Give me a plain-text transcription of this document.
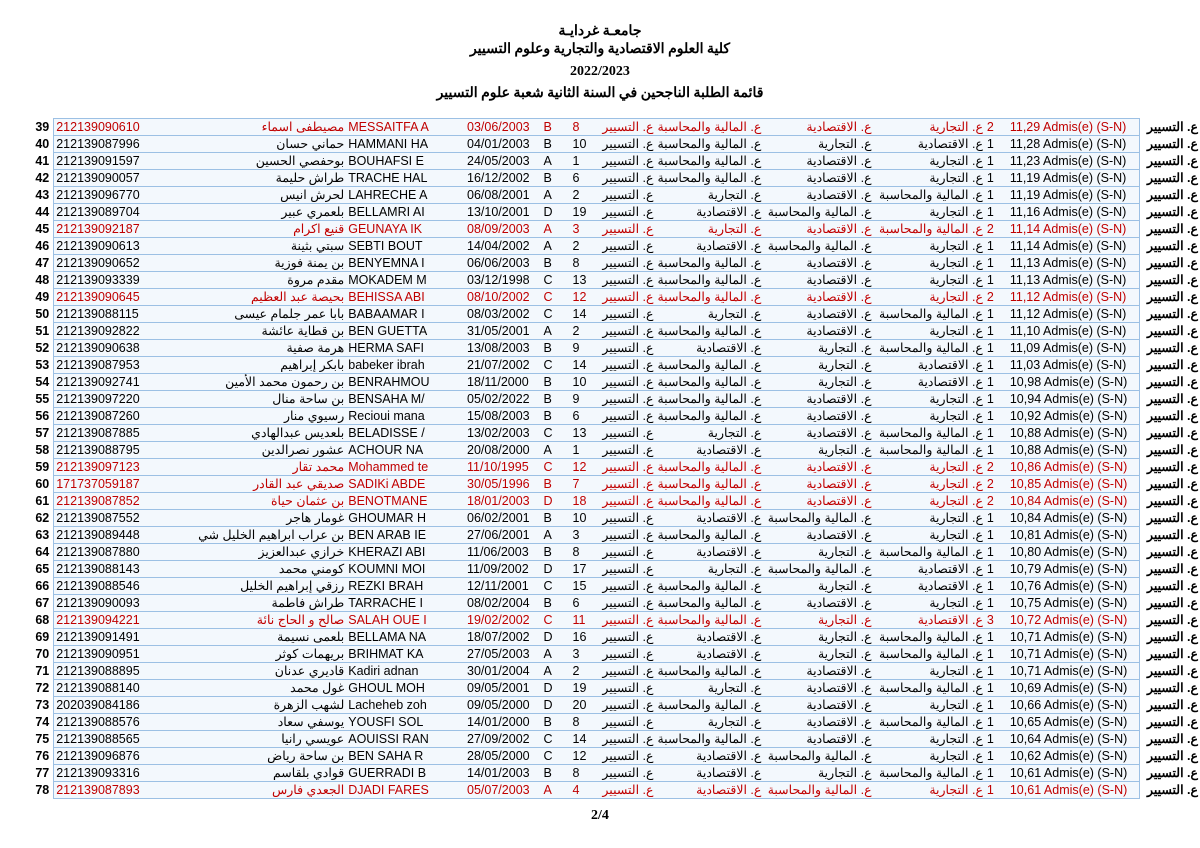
جامعـة غردايـة
كلية العلوم الاقتصادية والتجارية وعلوم التسيير
2022/2023
قائمة الطلبة الناجحين في السنة الثانية شعبة علوم التسيير
39	212139090610	مصيطفى اسماء	MESSAITFA A	03/06/2003	B		8	ع. التسيير	ع. المالية والمحاسبة	ع. الاقتصادية	ع. التجارية	2	11,29 Admis(e) (S-N)	ع. التسيير
40	212139087996	حماني حسان	HAMMANI HA	04/01/2003	B		10	ع. التسيير	ع. المالية والمحاسبة	ع. التجارية	ع. الاقتصادية	1	11,28 Admis(e) (S-N)	ع. التسيير
41	212139091597	بوحفصي الحسين	BOUHAFSI E	24/05/2003	A		1	ع. التسيير	ع. المالية والمحاسبة	ع. الاقتصادية	ع. التجارية	1	11,23 Admis(e) (S-N)	ع. التسيير
42	212139090057	طراش حليمة	TRACHE HAL	16/12/2002	B		6	ع. التسيير	ع. المالية والمحاسبة	ع. الاقتصادية	ع. التجارية	1	11,19 Admis(e) (S-N)	ع. التسيير
43	212139096770	لحرش انيس	LAHRECHE A	06/08/2001	A		2	ع. التسيير	ع. التجارية	ع. الاقتصادية	ع. المالية والمحاسبة	1	11,19 Admis(e) (S-N)	ع. التسيير
44	212139089704	بلعمري عبير	BELLAMRI AI	13/10/2001	D		19	ع. التسيير	ع. الاقتصادية	ع. المالية والمحاسبة	ع. التجارية	1	11,16 Admis(e) (S-N)	ع. التسيير
45	212139092187	قنيع اكرام	GEUNAYA IK	08/09/2003	A		3	ع. التسيير	ع. التجارية	ع. الاقتصادية	ع. المالية والمحاسبة	2	11,14 Admis(e) (S-N)	ع. التسيير
46	212139090613	سبتي بثينة	SEBTI BOUT	14/04/2002	A		2	ع. التسيير	ع. الاقتصادية	ع. المالية والمحاسبة	ع. التجارية	1	11,14 Admis(e) (S-N)	ع. التسيير
47	212139090652	بن يمنة فوزية	BENYEMNA I	06/06/2003	B		8	ع. التسيير	ع. المالية والمحاسبة	ع. الاقتصادية	ع. التجارية	1	11,13 Admis(e) (S-N)	ع. التسيير
48	212139093339	مقدم مروة	MOKADEM M	03/12/1998	C		13	ع. التسيير	ع. المالية والمحاسبة	ع. الاقتصادية	ع. التجارية	1	11,13 Admis(e) (S-N)	ع. التسيير
49	212139090645	بحيصة عبد العظيم	BEHISSA ABI	08/10/2002	C		12	ع. التسيير	ع. المالية والمحاسبة	ع. الاقتصادية	ع. التجارية	2	11,12 Admis(e) (S-N)	ع. التسيير
50	212139088115	بابا عمر جلمام عيسى	BABAAMAR I	08/03/2002	C		14	ع. التسيير	ع. التجارية	ع. الاقتصادية	ع. المالية والمحاسبة	1	11,12 Admis(e) (S-N)	ع. التسيير
51	212139092822	بن قطاية عائشة	BEN GUETTA	31/05/2001	A		2	ع. التسيير	ع. المالية والمحاسبة	ع. الاقتصادية	ع. التجارية	1	11,10 Admis(e) (S-N)	ع. التسيير
52	212139090638	هرمة صفية	HERMA SAFI	13/08/2003	B		9	ع. التسيير	ع. الاقتصادية	ع. التجارية	ع. المالية والمحاسبة	1	11,09 Admis(e) (S-N)	ع. التسيير
53	212139087953	بابكر إبراهيم	babeker ibrah	21/07/2002	C		14	ع. التسيير	ع. المالية والمحاسبة	ع. التجارية	ع. الاقتصادية	1	11,03 Admis(e) (S-N)	ع. التسيير
54	212139092741	بن رحمون محمد الأمين	BENRAHMOU	18/11/2000	B		10	ع. التسيير	ع. المالية والمحاسبة	ع. التجارية	ع. الاقتصادية	1	10,98 Admis(e) (S-N)	ع. التسيير
55	212139097220	بن ساحة منال	BENSAHA M/	05/02/2022	B		9	ع. التسيير	ع. المالية والمحاسبة	ع. الاقتصادية	ع. التجارية	1	10,94 Admis(e) (S-N)	ع. التسيير
56	212139087260	رسيوي منار	Recioui mana	15/08/2003	B		6	ع. التسيير	ع. المالية والمحاسبة	ع. الاقتصادية	ع. التجارية	1	10,92 Admis(e) (S-N)	ع. التسيير
57	212139087885	بلعديس عبدالهادي	BELADISSE /	13/02/2003	C		13	ع. التسيير	ع. التجارية	ع. الاقتصادية	ع. المالية والمحاسبة	1	10,88 Admis(e) (S-N)	ع. التسيير
58	212139088795	عشور نصرالدين	ACHOUR NA	20/08/2000	A		1	ع. التسيير	ع. الاقتصادية	ع. التجارية	ع. المالية والمحاسبة	1	10,88 Admis(e) (S-N)	ع. التسيير
59	212139097123	محمد تقار	Mohammed te	11/10/1995	C		12	ع. التسيير	ع. المالية والمحاسبة	ع. الاقتصادية	ع. التجارية	2	10,86 Admis(e) (S-N)	ع. التسيير
60	171737059187	صديقي عبد القادر	SADIKi ABDE	30/05/1996	B		7	ع. التسيير	ع. المالية والمحاسبة	ع. الاقتصادية	ع. التجارية	2	10,85 Admis(e) (S-N)	ع. التسيير
61	212139087852	بن عثمان حياة	BENOTMANE	18/01/2003	D		18	ع. التسيير	ع. المالية والمحاسبة	ع. الاقتصادية	ع. التجارية	2	10,84 Admis(e) (S-N)	ع. التسيير
62	212139087552	غومار هاجر	GHOUMAR H	06/02/2001	B		10	ع. التسيير	ع. الاقتصادية	ع. المالية والمحاسبة	ع. التجارية	1	10,84 Admis(e) (S-N)	ع. التسيير
63	212139089448	بن عراب ابراهيم الخليل شي	BEN ARAB IE	27/06/2001	A		3	ع. التسيير	ع. المالية والمحاسبة	ع. الاقتصادية	ع. التجارية	1	10,81 Admis(e) (S-N)	ع. التسيير
64	212139087880	خرازي عبدالعزيز	KHERAZI ABI	11/06/2003	B		8	ع. التسيير	ع. الاقتصادية	ع. التجارية	ع. المالية والمحاسبة	1	10,80 Admis(e) (S-N)	ع. التسيير
65	212139088143	كومني محمد	KOUMNI MOI	11/09/2002	D		17	ع. التسيير	ع. التجارية	ع. المالية والمحاسبة	ع. الاقتصادية	1	10,79 Admis(e) (S-N)	ع. التسيير
66	212139088546	رزقي إبراهيم الخليل	REZKI BRAH	12/11/2001	C		15	ع. التسيير	ع. المالية والمحاسبة	ع. التجارية	ع. الاقتصادية	1	10,76 Admis(e) (S-N)	ع. التسيير
67	212139090093	طراش فاطمة	TARRACHE I	08/02/2004	B		6	ع. التسيير	ع. المالية والمحاسبة	ع. الاقتصادية	ع. التجارية	1	10,75 Admis(e) (S-N)	ع. التسيير
68	212139094221	صالح و الحاج نائة	SALAH OUE I	19/02/2002	C		11	ع. التسيير	ع. المالية والمحاسبة	ع. التجارية	ع. الاقتصادية	3	10,72 Admis(e) (S-N)	ع. التسيير
69	212139091491	بلعمى نسيمة	BELLAMA NA	18/07/2002	D		16	ع. التسيير	ع. الاقتصادية	ع. التجارية	ع. المالية والمحاسبة	1	10,71 Admis(e) (S-N)	ع. التسيير
70	212139090951	بريهمات كوثر	BRIHMAT KA	27/05/2003	A		3	ع. التسيير	ع. الاقتصادية	ع. التجارية	ع. المالية والمحاسبة	1	10,71 Admis(e) (S-N)	ع. التسيير
71	212139088895	قاديري عدنان	Kadiri adnan	30/01/2004	A		2	ع. التسيير	ع. المالية والمحاسبة	ع. الاقتصادية	ع. التجارية	1	10,71 Admis(e) (S-N)	ع. التسيير
72	212139088140	غول محمد	GHOUL MOH	09/05/2001	D		19	ع. التسيير	ع. التجارية	ع. الاقتصادية	ع. المالية والمحاسبة	1	10,69 Admis(e) (S-N)	ع. التسيير
73	202039084186	لشهب الزهرة	Lacheheb zoh	09/05/2000	D		20	ع. التسيير	ع. المالية والمحاسبة	ع. الاقتصادية	ع. التجارية	1	10,66 Admis(e) (S-N)	ع. التسيير
74	212139088576	يوسفي سعاد	YOUSFI SOL	14/01/2000	B		8	ع. التسيير	ع. التجارية	ع. الاقتصادية	ع. المالية والمحاسبة	1	10,65 Admis(e) (S-N)	ع. التسيير
75	212139088565	عويسي رانيا	AOUISSI RAN	27/09/2002	C		14	ع. التسيير	ع. المالية والمحاسبة	ع. الاقتصادية	ع. التجارية	1	10,64 Admis(e) (S-N)	ع. التسيير
76	212139096876	بن ساحة رياض	BEN SAHA R	28/05/2000	C		12	ع. التسيير	ع. الاقتصادية	ع. المالية والمحاسبة	ع. التجارية	1	10,62 Admis(e) (S-N)	ع. التسيير
77	212139093316	قوادي بلقاسم	GUERRADI B	14/01/2003	B		8	ع. التسيير	ع. الاقتصادية	ع. التجارية	ع. المالية والمحاسبة	1	10,61 Admis(e) (S-N)	ع. التسيير
78	212139087893	الجعدي فارس	DJADI FARES	05/07/2003	A		4	ع. التسيير	ع. الاقتصادية	ع. المالية والمحاسبة	ع. التجارية	1	10,61 Admis(e) (S-N)	ع. التسيير
2/4
